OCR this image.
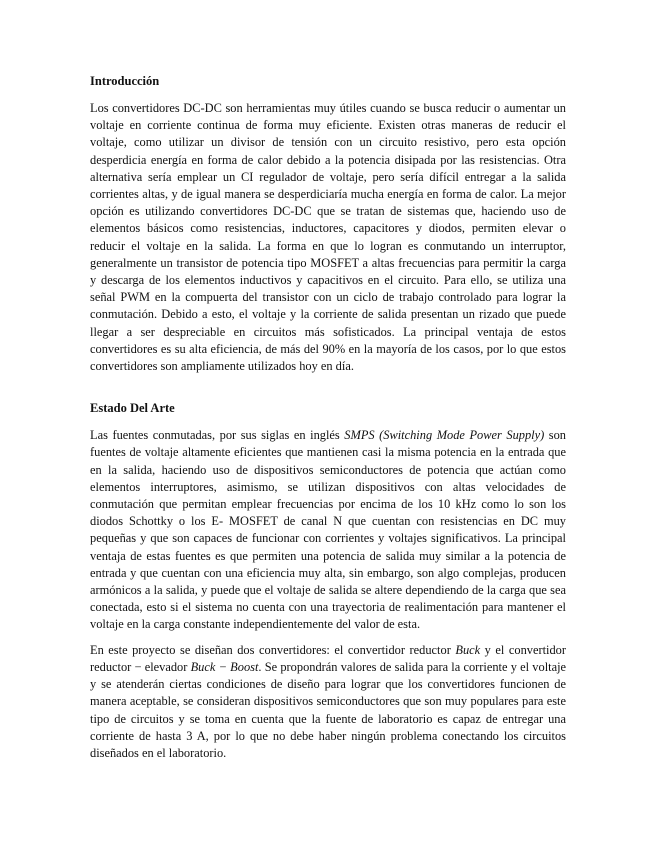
Introducción

Los convertidores DC-DC son herramientas muy útiles cuando se busca reducir o aumentar un voltaje en corriente continua de forma muy eficiente. Existen otras maneras de reducir el voltaje, como utilizar un divisor de tensión con un circuito resistivo, pero esta opción desperdicia energía en forma de calor debido a la potencia disipada por las resistencias. Otra alternativa sería emplear un CI regulador de voltaje, pero sería difícil entregar a la salida corrientes altas, y de igual manera se desperdiciaría mucha energía en forma de calor. La mejor opción es utilizando convertidores DC-DC que se tratan de sistemas que, haciendo uso de elementos básicos como resistencias, inductores, capacitores y diodos, permiten elevar o reducir el voltaje en la salida. La forma en que lo logran es conmutando un interruptor, generalmente un transistor de potencia tipo MOSFET a altas frecuencias para permitir la carga y descarga de los elementos inductivos y capacitivos en el circuito. Para ello, se utiliza una señal PWM en la compuerta del transistor con un ciclo de trabajo controlado para lograr la conmutación. Debido a esto, el voltaje y la corriente de salida presentan un rizado que puede llegar a ser despreciable en circuitos más sofisticados. La principal ventaja de estos convertidores es su alta eficiencia, de más del 90% en la mayoría de los casos, por lo que estos convertidores son ampliamente utilizados hoy en día.

Estado Del Arte

Las fuentes conmutadas, por sus siglas en inglés SMPS (Switching Mode Power Supply) son fuentes de voltaje altamente eficientes que mantienen casi la misma potencia en la entrada que en la salida, haciendo uso de dispositivos semiconductores de potencia que actúan como elementos interruptores, asimismo, se utilizan dispositivos con altas velocidades de conmutación que permitan emplear frecuencias por encima de los 10 kHz como lo son los diodos Schottky o los E- MOSFET de canal N que cuentan con resistencias en DC muy pequeñas y que son capaces de funcionar con corrientes y voltajes significativos. La principal ventaja de estas fuentes es que permiten una potencia de salida muy similar a la potencia de entrada y que cuentan con una eficiencia muy alta, sin embargo, son algo complejas, producen armónicos a la salida, y puede que el voltaje de salida se altere dependiendo de la carga que sea conectada, esto si el sistema no cuenta con una trayectoria de realimentación para mantener el voltaje en la carga constante independientemente del valor de esta.

En este proyecto se diseñan dos convertidores: el convertidor reductor Buck y el convertidor reductor − elevador Buck − Boost. Se propondrán valores de salida para la corriente y el voltaje y se atenderán ciertas condiciones de diseño para lograr que los convertidores funcionen de manera aceptable, se consideran dispositivos semiconductores que son muy populares para este tipo de circuitos y se toma en cuenta que la fuente de laboratorio es capaz de entregar una corriente de hasta 3 A, por lo que no debe haber ningún problema conectando los circuitos diseñados en el laboratorio.
